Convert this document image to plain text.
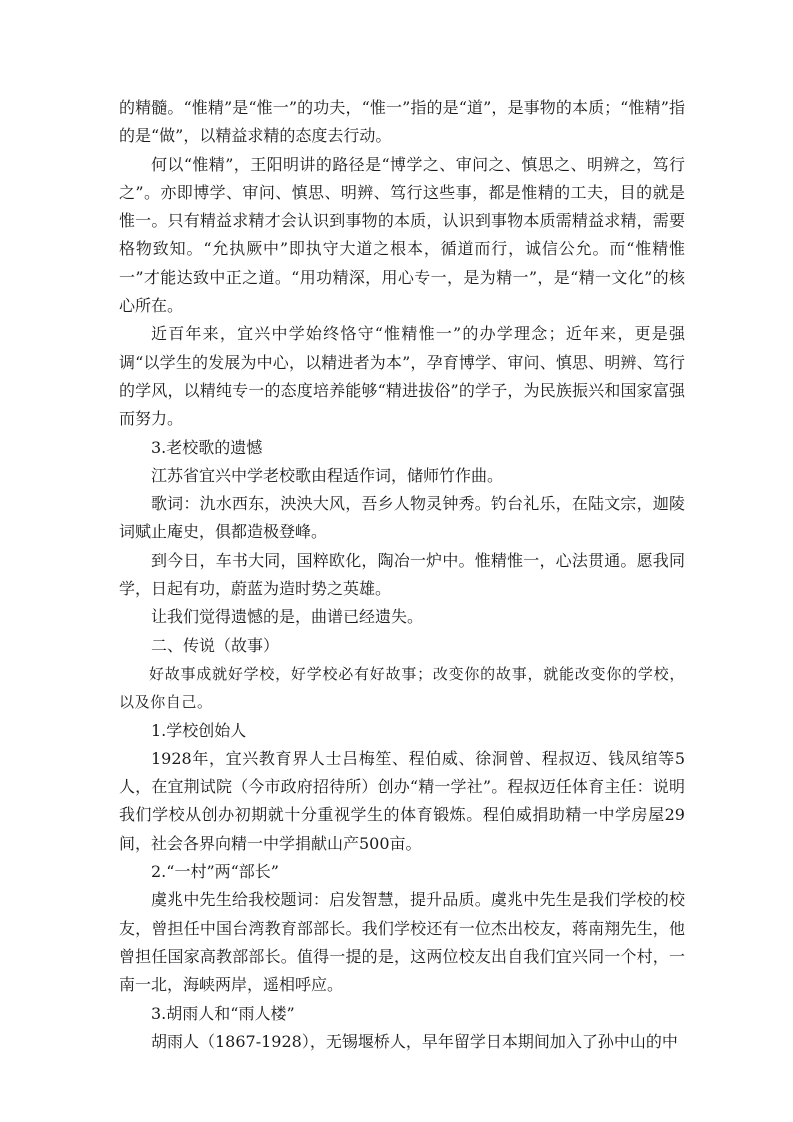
的精髓。“惟精”是“惟一”的功夫，“惟一”指的是“道”，是事物的本质；“惟精”指的是“做”，以精益求精的态度去行动。

何以“惟精”，王阳明讲的路径是“博学之、审问之、慎思之、明辨之，笃行之”。亦即博学、审问、慎思、明辨、笃行这些事，都是惟精的工夫，目的就是惟一。只有精益求精才会认识到事物的本质，认识到事物本质需精益求精，需要格物致知。“允执厥中”即执守大道之根本，循道而行，诚信公允。而“惟精惟一”才能达致中正之道。“用功精深，用心专一，是为精一”，是“精一文化”的核心所在。

近百年来，宜兴中学始终恪守“惟精惟一”的办学理念；近年来，更是强调“以学生的发展为中心，以精进者为本”，孕育博学、审问、慎思、明辨、笃行的学风，以精纯专一的态度培养能够“精进拔俗”的学子，为民族振兴和国家富强而努力。

3.老校歌的遗憾

江苏省宜兴中学老校歌由程适作词，储师竹作曲。

歌词：氿水西东，泱泱大风，吾乡人物灵钟秀。钓台礼乐，在陆文宗，迦陵词赋止庵史，俱都造极登峰。

到今日，车书大同，国粹欧化，陶冶一炉中。惟精惟一，心法贯通。愿我同学，日起有功，蔚蓝为造时势之英雄。

让我们觉得遗憾的是，曲谱已经遗失。

二、传说（故事）

好故事成就好学校，好学校必有好故事；改变你的故事，就能改变你的学校，以及你自己。

1.学校创始人

1928年，宜兴教育界人士吕梅笙、程伯威、徐洞曾、程叔迈、钱凤绾等5人，在宜荆试院（今市政府招待所）创办“精一学社”。程叔迈任体育主任：说明我们学校从创办初期就十分重视学生的体育锻炼。程伯威捐助精一中学房屋29间，社会各界向精一中学捐献山产500亩。

2.“一村”两“部长”

虞兆中先生给我校题词：启发智慧，提升品质。虞兆中先生是我们学校的校友，曾担任中国台湾教育部部长。我们学校还有一位杰出校友，蒋南翔先生，他曾担任国家高教部部长。值得一提的是，这两位校友出自我们宜兴同一个村，一南一北，海峡两岸，遥相呼应。

3.胡雨人和“雨人楼”

胡雨人（1867-1928），无锡堰桥人，早年留学日本期间加入了孙中山的中
